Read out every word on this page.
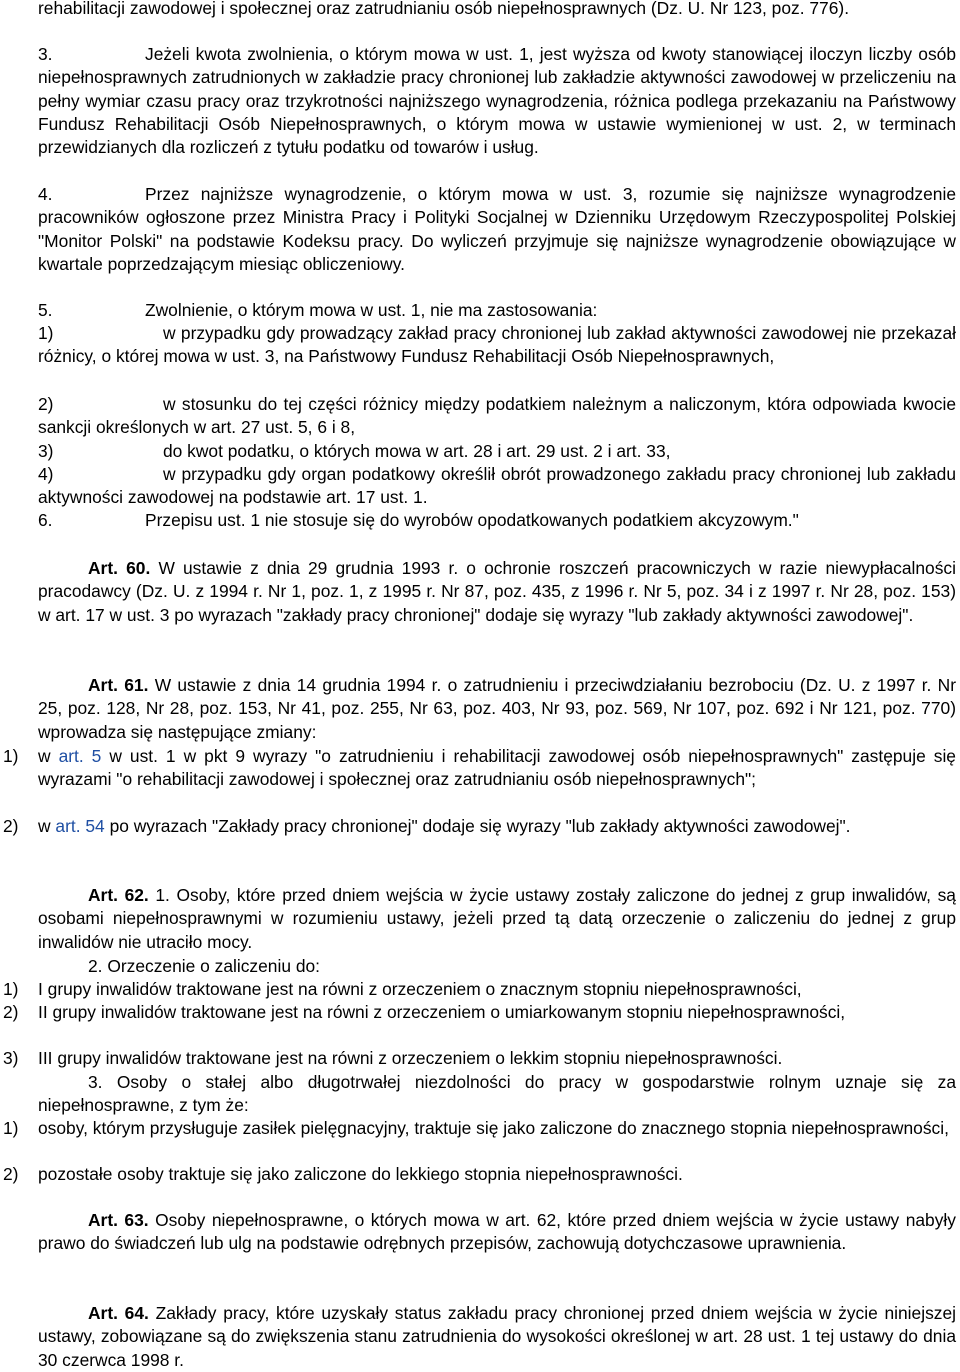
rehabilitacji zawodowej i społecznej oraz zatrudnianiu osób niepełnosprawnych (Dz. U. Nr 123, poz. 776).

3.	Jeżeli kwota zwolnienia, o którym mowa w ust. 1, jest wyższa od kwoty stanowiącej iloczyn liczby osób niepełnosprawnych zatrudnionych w zakładzie pracy chronionej lub zakładzie aktywności zawodowej w przeliczeniu na pełny wymiar czasu pracy oraz trzykrotności najniższego wynagrodzenia, różnica podlega przekazaniu na Państwowy Fundusz Rehabilitacji Osób Niepełnosprawnych, o którym mowa w ustawie wymienionej w ust. 2, w terminach przewidzianych dla rozliczeń z tytułu podatku od towarów i usług.

4.	Przez najniższe wynagrodzenie, o którym mowa w ust. 3, rozumie się najniższe wynagrodzenie pracowników ogłoszone przez Ministra Pracy i Polityki Socjalnej w Dzienniku Urzędowym Rzeczypospolitej Polskiej "Monitor Polski" na podstawie Kodeksu pracy. Do wyliczeń przyjmuje się najniższe wynagrodzenie obowiązujące w kwartale poprzedzającym miesiąc obliczeniowy.

5.	Zwolnienie, o którym mowa w ust. 1, nie ma zastosowania:

1)	w przypadku gdy prowadzący zakład pracy chronionej lub zakład aktywności zawodowej nie przekazał różnicy, o której mowa w ust. 3, na Państwowy Fundusz Rehabilitacji Osób Niepełnosprawnych,

2)	w stosunku do tej części różnicy między podatkiem należnym a naliczonym, która odpowiada kwocie sankcji określonych w art. 27 ust. 5, 6 i 8,

3)	do kwot podatku, o których mowa w art. 28 i art. 29 ust. 2 i art. 33,

4)	w przypadku gdy organ podatkowy określił obrót prowadzonego zakładu pracy chronionej lub zakładu aktywności zawodowej na podstawie art. 17 ust. 1.

6.	Przepisu ust. 1 nie stosuje się do wyrobów opodatkowanych podatkiem akcyzowym."

Art. 60. W ustawie z dnia 29 grudnia 1993 r. o ochronie roszczeń pracowniczych w razie niewypłacalności pracodawcy (Dz. U. z 1994 r. Nr 1, poz. 1, z 1995 r. Nr 87, poz. 435, z 1996 r. Nr 5, poz. 34 i z 1997 r. Nr 28, poz. 153) w art. 17 w ust. 3 po wyrazach "zakłady pracy chronionej" dodaje się wyrazy "lub zakłady aktywności zawodowej".

Art. 61. W ustawie z dnia 14 grudnia 1994 r. o zatrudnieniu i przeciwdziałaniu bezrobociu (Dz. U. z 1997 r. Nr 25, poz. 128, Nr 28, poz. 153, Nr 41, poz. 255, Nr 63, poz. 403, Nr 93, poz. 569, Nr 107, poz. 692 i Nr 121, poz. 770) wprowadza się następujące zmiany:

1) w art. 5 w ust. 1 w pkt 9 wyrazy "o zatrudnieniu i rehabilitacji zawodowej osób niepełnosprawnych" zastępuje się wyrazami "o rehabilitacji zawodowej i społecznej oraz zatrudnianiu osób niepełnosprawnych";
2) w art. 54 po wyrazach "Zakłady pracy chronionej" dodaje się wyrazy "lub zakłady aktywności zawodowej".

Art. 62. 1. Osoby, które przed dniem wejścia w życie ustawy zostały zaliczone do jednej z grup inwalidów, są osobami niepełnosprawnymi w rozumieniu ustawy, jeżeli przed tą datą orzeczenie o zaliczeniu do jednej z grup inwalidów nie utraciło mocy.

2. Orzeczenie o zaliczeniu do:

1) I grupy inwalidów traktowane jest na równi z orzeczeniem o znacznym stopniu niepełnosprawności,
2) II grupy inwalidów traktowane jest na równi z orzeczeniem o umiarkowanym stopniu niepełnosprawności,
3) III grupy inwalidów traktowane jest na równi z orzeczeniem o lekkim stopniu niepełnosprawności.

3. Osoby o stałej albo długotrwałej niezdolności do pracy w gospodarstwie rolnym uznaje się za niepełnosprawne, z tym że:

1) osoby, którym przysługuje zasiłek pielęgnacyjny, traktuje się jako zaliczone do znacznego stopnia niepełnosprawności,
2) pozostałe osoby traktuje się jako zaliczone do lekkiego stopnia niepełnosprawności.

Art. 63. Osoby niepełnosprawne, o których mowa w art. 62, które przed dniem wejścia w życie ustawy nabyły prawo do świadczeń lub ulg na podstawie odrębnych przepisów, zachowują dotychczasowe uprawnienia.

Art. 64. Zakłady pracy, które uzyskały status zakładu pracy chronionej przed dniem wejścia w życie niniejszej ustawy, zobowiązane są do zwiększenia stanu zatrudnienia do wysokości określonej w art. 28 ust. 1 tej ustawy do dnia 30 czerwca 1998 r.
